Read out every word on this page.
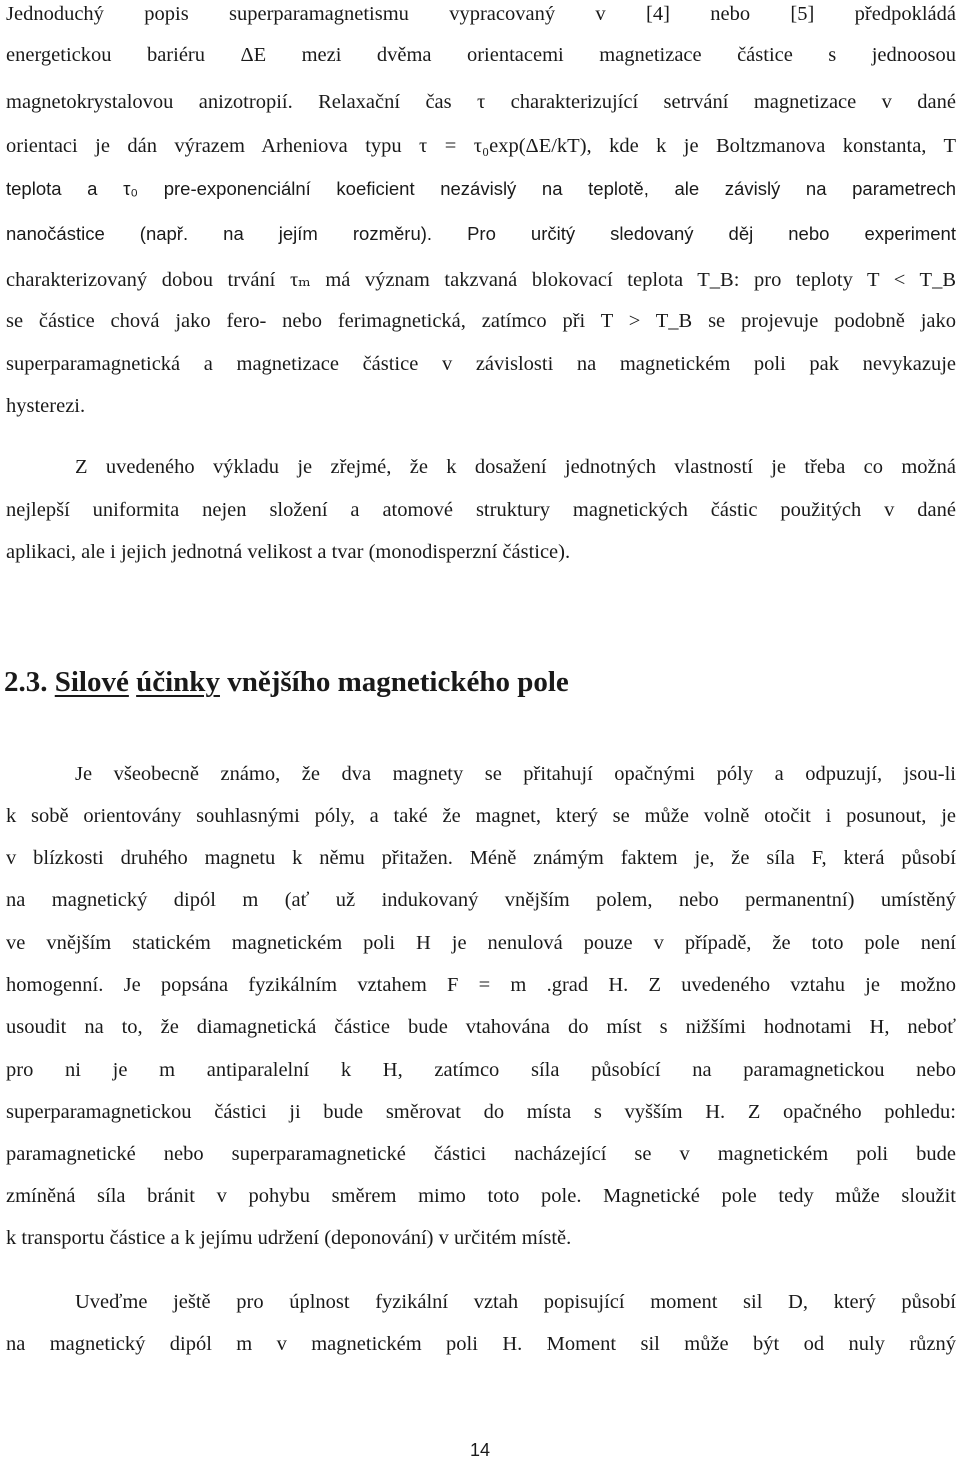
Jednoduchý popis superparamagnetismu vypracovaný v [4] nebo [5] předpokládá
energetickou bariéru ΔE mezi dvěma orientacemi magnetizace částice s jednoosou
magnetokrystalovou anizotropií. Relaxační čas τ charakterizující setrvání magnetizace v dané
orientaci je dán výrazem Arheniova typu τ = τ₀exp(ΔE/kT), kde k je Boltzmanova konstanta, T
teplota a τ₀ pre-exponenciální koeficient nezávislý na teplotě, ale závislý na parametrech
nanočástice (např. na jejím rozměru). Pro určitý sledovaný děj nebo experiment
charakterizovaný dobou trvání τₘ má význam takzvaná blokovací teplota T_B: pro teploty T < T_B
se částice chová jako fero- nebo ferimagnetická, zatímco při T > T_B se projevuje podobně jako
superparamagnetická a magnetizace částice v závislosti na magnetickém poli pak nevykazuje
hysterezi.
Z uvedeného výkladu je zřejmé, že k dosažení jednotných vlastností je třeba co možná
nejlepší uniformita nejen složení a atomové struktury magnetických částic použitých v dané
aplikaci, ale i jejich jednotná velikost a tvar (monodisperzní částice).
2.3. Silové účinky vnějšího magnetického pole
Je všeobecně známo, že dva magnety se přitahují opačnými póly a odpuzují, jsou-li
k sobě orientovány souhlasnými póly, a také že magnet, který se může volně otočit i posunout, je
v blízkosti druhého magnetu k němu přitažen. Méně známým faktem je, že síla F, která působí
na magnetický dipól m (ať už indukovaný vnějším polem, nebo permanentní) umístěný
ve vnějším statickém magnetickém poli H je nenulová pouze v případě, že toto pole není
homogenní. Je popsána fyzikálním vztahem F = m .grad H. Z uvedeného vztahu je možno
usoudit na to, že diamagnetická částice bude vtahována do míst s nižšími hodnotami H, neboť
pro ni je m antiparalelní k H, zatímco síla působící na paramagnetickou nebo
superparamagnetickou částici ji bude směrovat do místa s vyšším H. Z opačného pohledu:
paramagnetické nebo superparamagnetické částici nacházející se v magnetickém poli bude
zmíněná síla bránit v pohybu směrem mimo toto pole. Magnetické pole tedy může sloužit
k transportu částice a k jejímu udržení (deponování) v určitém místě.
Uveďme ještě pro úplnost fyzikální vztah popisující moment sil D, který působí
na magnetický dipól m v magnetickém poli H. Moment sil může být od nuly různý
14
